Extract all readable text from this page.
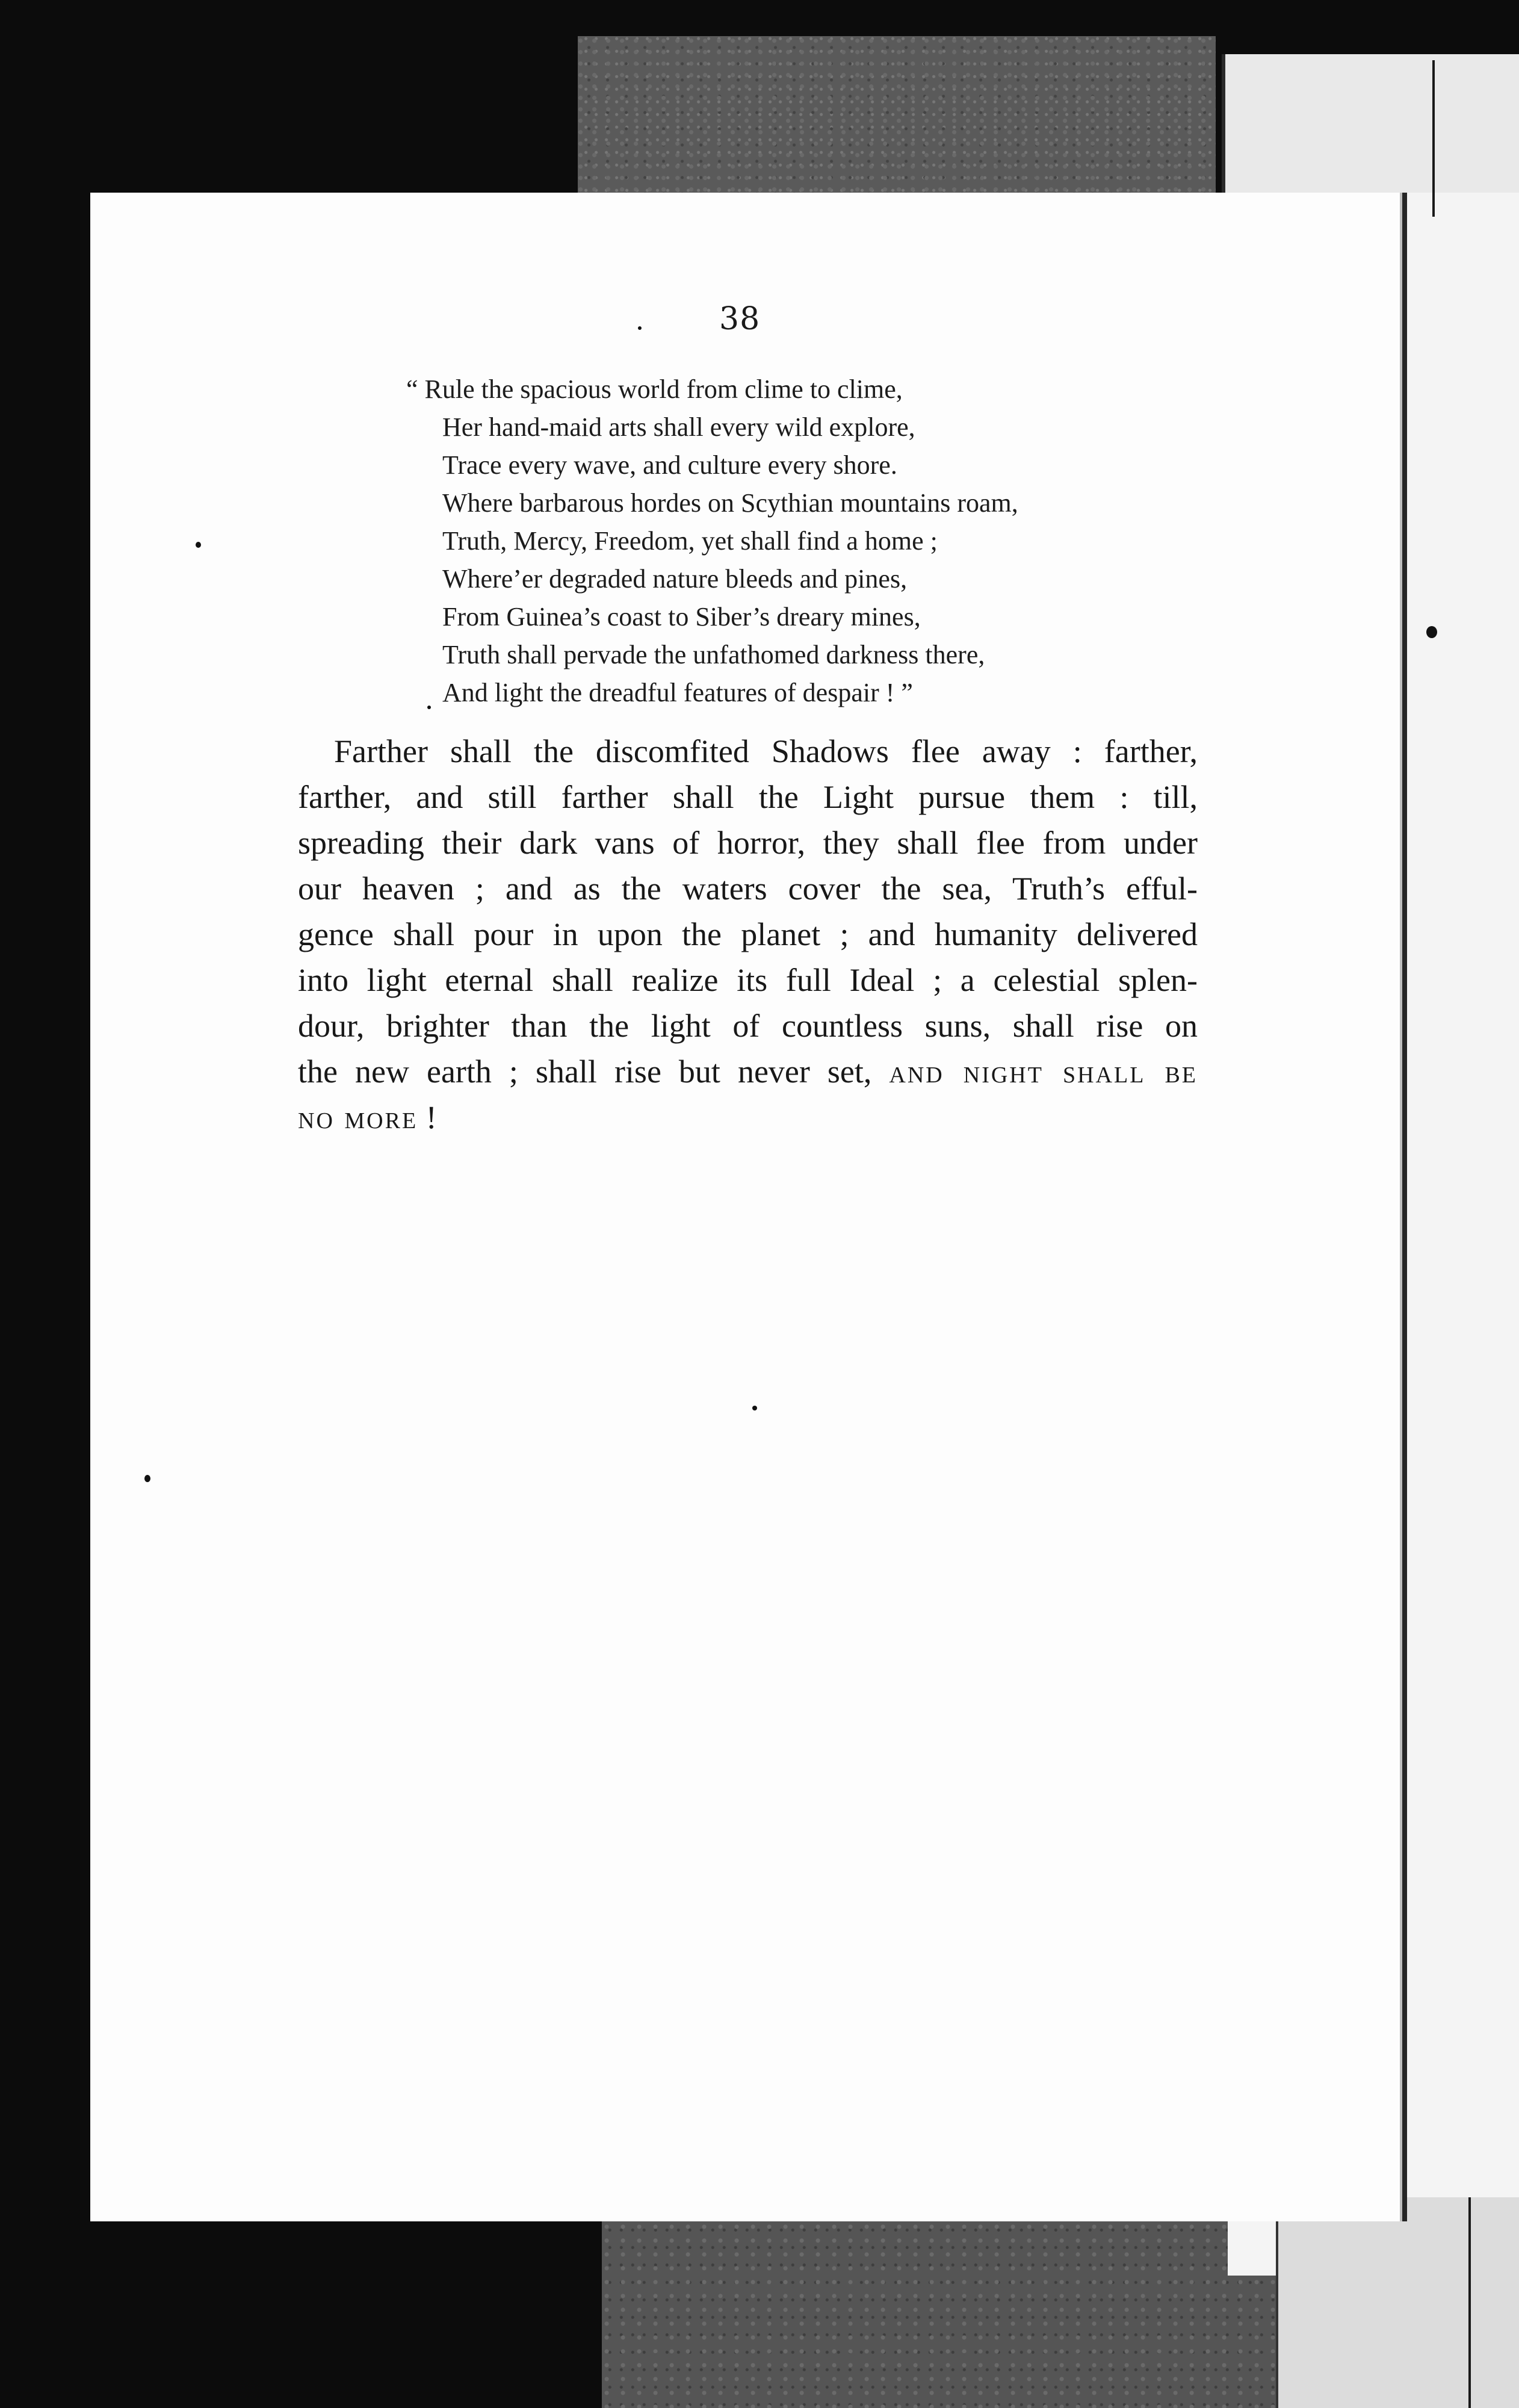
38
“ Rule the spacious world from clime to clime,
Her hand-maid arts shall every wild explore,
Trace every wave, and culture every shore.
Where barbarous hordes on Scythian mountains roam,
Truth, Mercy, Freedom, yet shall find a home ;
Where’er degraded nature bleeds and pines,
From Guinea’s coast to Siber’s dreary mines,
Truth shall pervade the unfathomed darkness there,
And light the dreadful features of despair ! ”
Farther shall the discomfited Shadows flee away : farther,
farther, and still farther shall the Light pursue them : till,
spreading their dark vans of horror, they shall flee from under
our heaven ; and as the waters cover the sea, Truth’s efful-
gence shall pour in upon the planet ; and humanity delivered
into light eternal shall realize its full Ideal ; a celestial splen-
dour, brighter than the light of countless suns, shall rise on
the new earth ; shall rise but never set, and night shall be
no more !
